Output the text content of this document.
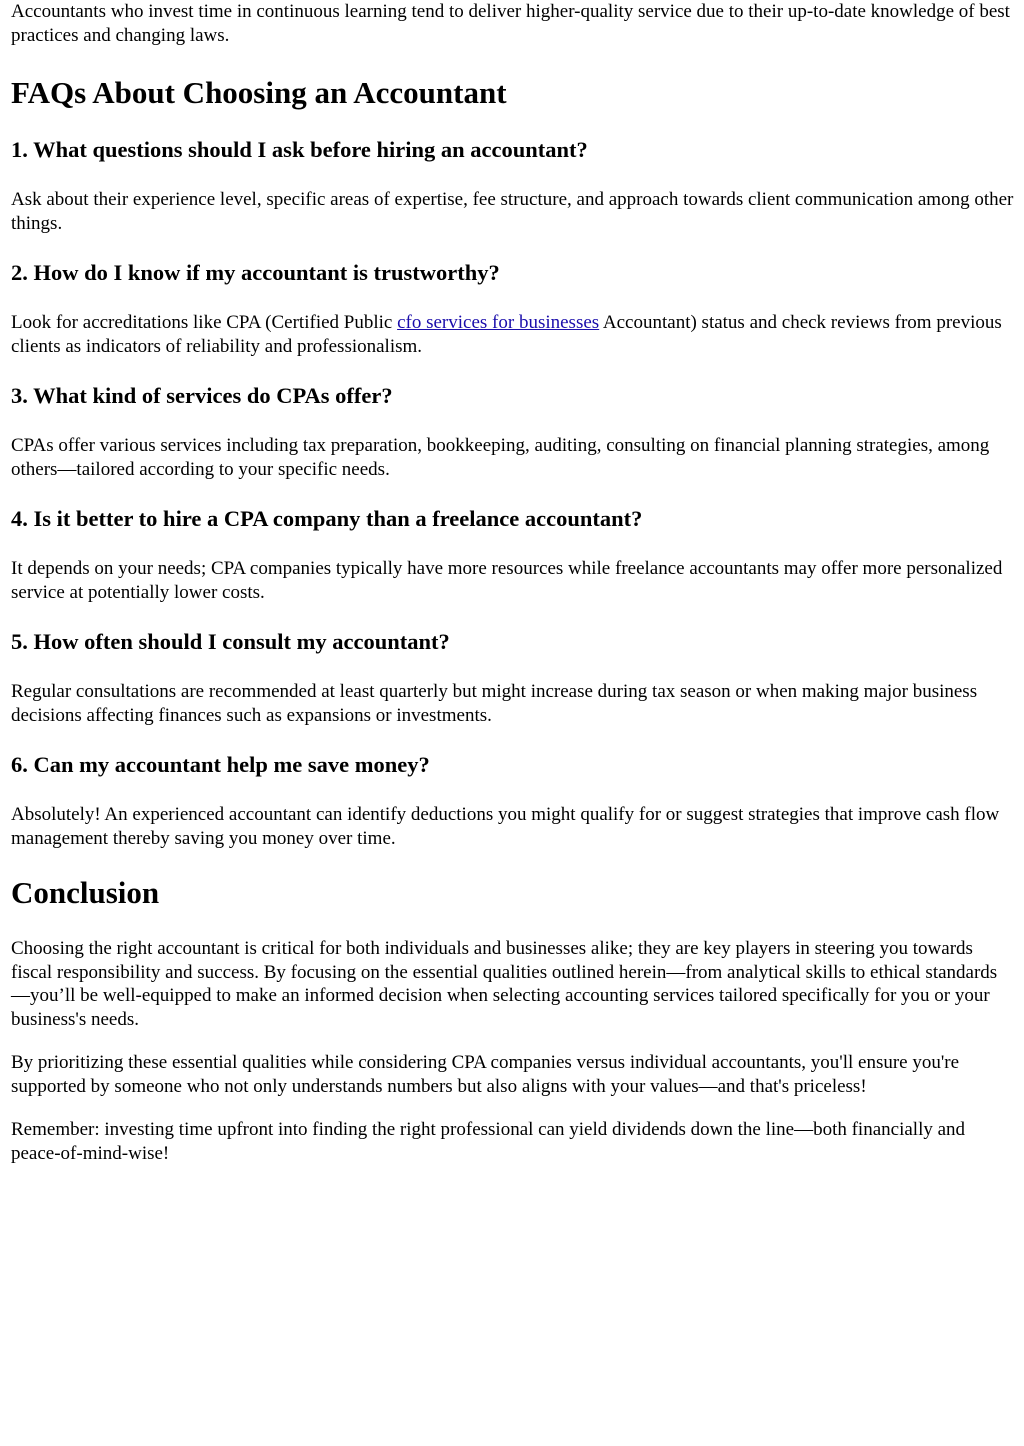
Accountants who invest time in continuous learning tend to deliver higher-quality service due to their up-to-date knowledge of best practices and changing laws.

FAQs About Choosing an Accountant
1. What questions should I ask before hiring an accountant?

Ask about their experience level, specific areas of expertise, fee structure, and approach towards client communication among other things.

2. How do I know if my accountant is trustworthy?

Look for accreditations like CPA (Certified Public cfo services for businesses Accountant) status and check reviews from previous clients as indicators of reliability and professionalism.

3. What kind of services do CPAs offer?

CPAs offer various services including tax preparation, bookkeeping, auditing, consulting on financial planning strategies, among others—tailored according to your specific needs.

4. Is it better to hire a CPA company than a freelance accountant?

It depends on your needs; CPA companies typically have more resources while freelance accountants may offer more personalized service at potentially lower costs.

5. How often should I consult my accountant?

Regular consultations are recommended at least quarterly but might increase during tax season or when making major business decisions affecting finances such as expansions or investments.

6. Can my accountant help me save money?

Absolutely! An experienced accountant can identify deductions you might qualify for or suggest strategies that improve cash flow management thereby saving you money over time.

Conclusion

Choosing the right accountant is critical for both individuals and businesses alike; they are key players in steering you towards fiscal responsibility and success. By focusing on the essential qualities outlined herein—from analytical skills to ethical standards—you’ll be well-equipped to make an informed decision when selecting accounting services tailored specifically for you or your business's needs.

By prioritizing these essential qualities while considering CPA companies versus individual accountants, you'll ensure you're supported by someone who not only understands numbers but also aligns with your values—and that's priceless!

Remember: investing time upfront into finding the right professional can yield dividends down the line—both financially and peace-of-mind-wise!
